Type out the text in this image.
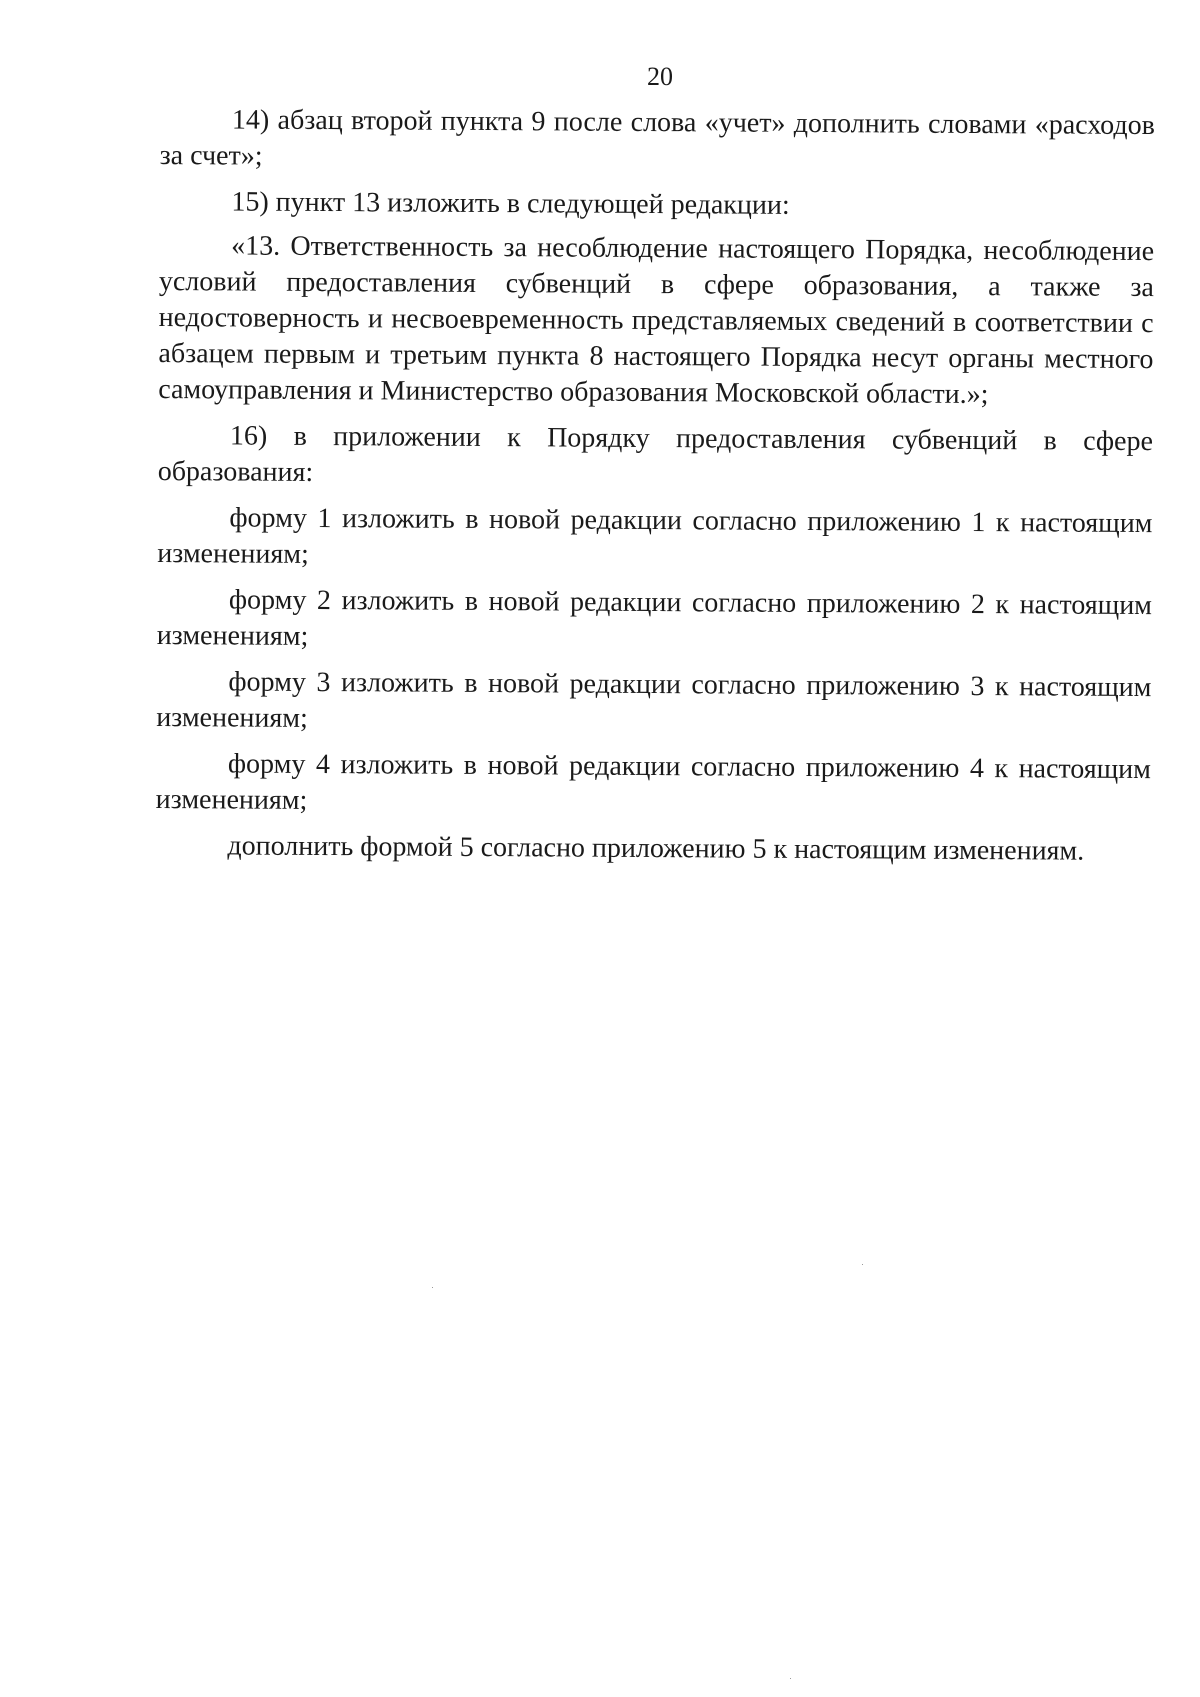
20

14) абзац второй пункта 9 после слова «учет» дополнить словами «расходов за счет»;

15) пункт 13 изложить в следующей редакции:

«13. Ответственность за несоблюдение настоящего Порядка, несоблюдение условий предоставления субвенций в сфере образования, а также за недостоверность и несвоевременность представляемых сведений в соответствии с абзацем первым и третьим пункта 8 настоящего Порядка несут органы местного самоуправления и Министерство образования Московской области.»;

16) в приложении к Порядку предоставления субвенций в сфере образования:

форму 1 изложить в новой редакции согласно приложению 1 к настоящим изменениям;

форму 2 изложить в новой редакции согласно приложению 2 к настоящим изменениям;

форму 3 изложить в новой редакции согласно приложению 3 к настоящим изменениям;

форму 4 изложить в новой редакции согласно приложению 4 к настоящим изменениям;

дополнить формой 5 согласно приложению 5 к настоящим изменениям.
